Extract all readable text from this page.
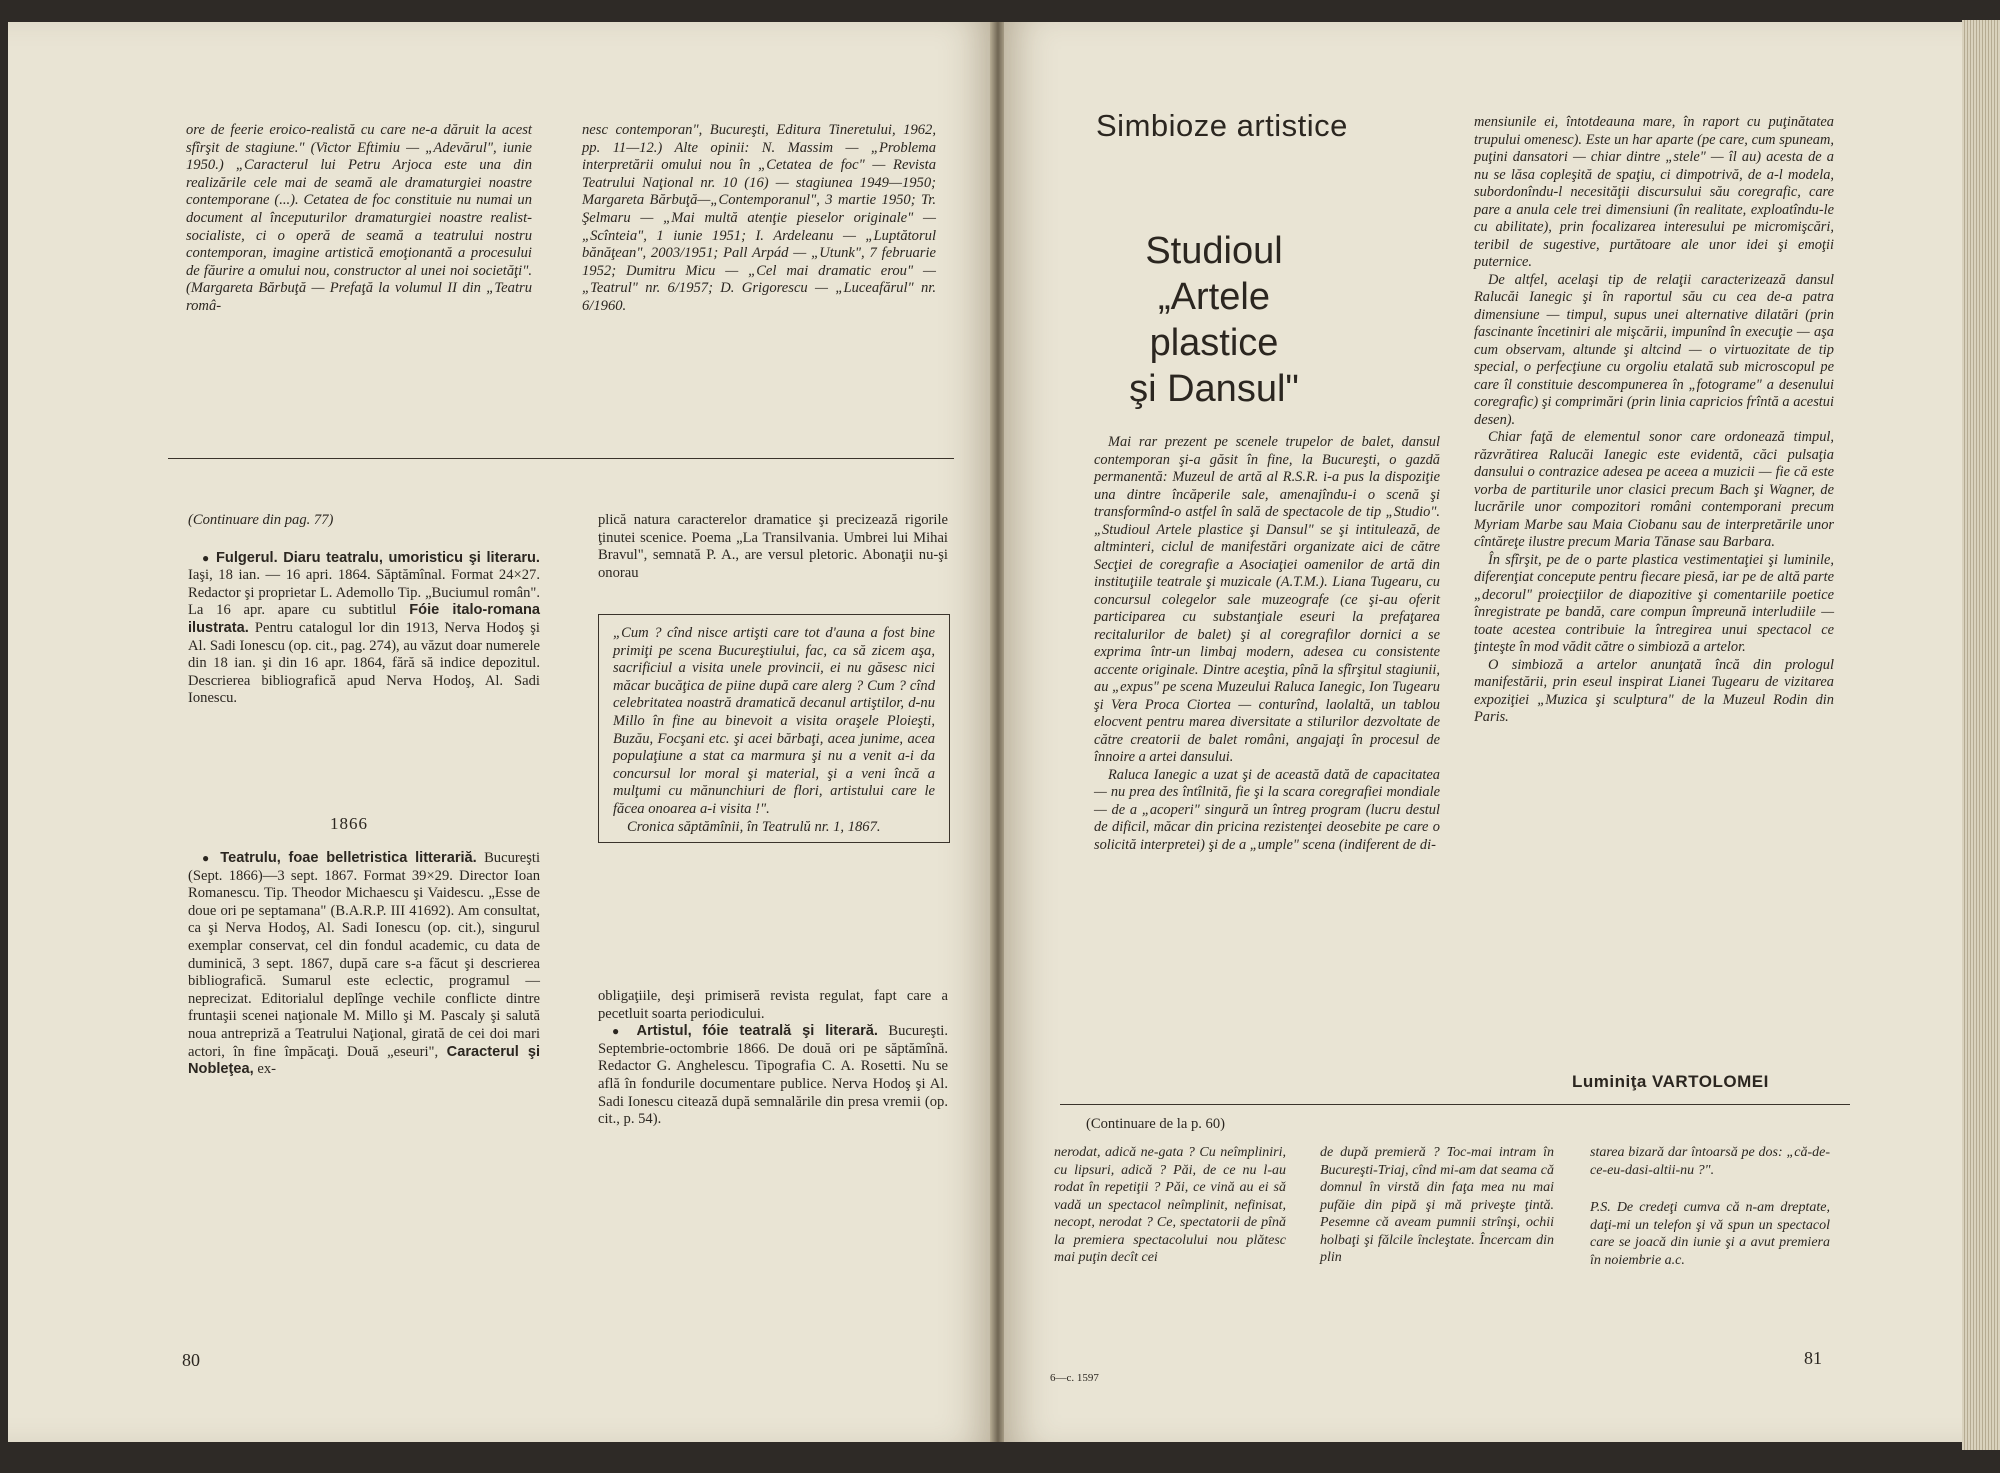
ore de feerie eroico-realistă cu care ne-a dăruit la acest sfîrşit de stagiune." (Victor Eftimiu — „Adevărul", iunie 1950.) „Caracterul lui Petru Arjoca este una din realizările cele mai de seamă ale dramaturgiei noastre contemporane (...). Cetatea de foc constituie nu numai un document al începuturilor dramaturgiei noastre realist-socialiste, ci o operă de seamă a teatrului nostru contemporan, imagine artistică emoţionantă a procesului de făurire a omului nou, constructor al unei noi societăţi". (Margareta Bărbuţă — Prefaţă la volumul II din „Teatru româ-

nesc contemporan", Bucureşti, Editura Tineretului, 1962, pp. 11—12.) Alte opinii: N. Massim — „Problema interpretării omului nou în „Cetatea de foc" — Revista Teatrului Naţional nr. 10 (16) — stagiunea 1949—1950; Margareta Bărbuţă—„Contemporanul", 3 martie 1950; Tr. Şelmaru — „Mai multă atenţie pieselor originale" — „Scînteia", 1 iunie 1951; I. Ardeleanu — „Luptătorul bănăţean", 2003/1951; Pall Arpád — „Utunk", 7 februarie 1952; Dumitru Micu — „Cel mai dramatic erou" — „Teatrul" nr. 6/1957; D. Grigorescu — „Luceafărul" nr. 6/1960.

(Continuare din pag. 77)

● Fulgerul. Diaru teatralu, umoristicu şi literaru. Iaşi, 18 ian. — 16 apri. 1864. Săptămînal. Format 24×27. Redactor şi proprietar L. Ademollo Tip. „Buciumul român". La 16 apr. apare cu subtitlul Fóie italo-romana ilustrata. Pentru catalogul lor din 1913, Nerva Hodoş şi Al. Sadi Ionescu (op. cit., pag. 274), au văzut doar numerele din 18 ian. şi din 16 apr. 1864, fără să indice depozitul. Descrierea bibliografică apud Nerva Hodoş, Al. Sadi Ionescu.

1866

● Teatrulu, foae belletristica litterariă. Bucureşti (Sept. 1866)—3 sept. 1867. Format 39×29. Director Ioan Romanescu. Tip. Theodor Michaescu şi Vaidescu. „Esse de doue ori pe septamana" (B.A.R.P. III 41692). Am consultat, ca şi Nerva Hodoş, Al. Sadi Ionescu (op. cit.), singurul exemplar conservat, cel din fondul academic, cu data de duminică, 3 sept. 1867, după care s-a făcut şi descrierea bibliografică. Sumarul este eclectic, programul — neprecizat. Editorialul deplînge vechile conflicte dintre fruntaşii scenei naţionale M. Millo şi M. Pascaly şi salută noua antrepriză a Teatrului Naţional, girată de cei doi mari actori, în fine împăcaţi. Două „eseuri", Caracterul şi Nobleţea, ex-

plică natura caracterelor dramatice şi precizează rigorile ţinutei scenice. Poema „La Transilvania. Umbrei lui Mihai Bravul", semnată P. A., are versul pletoric. Abonaţii nu-şi onorau

„Cum ? cînd nisce artişti care tot d'auna a fost bine primiţi pe scena Bucureştiului, fac, ca să zicem aşa, sacrificiul a visita unele provincii, ei nu găsesc nici măcar bucăţica de piine după care alerg ? Cum ? cînd celebritatea noastră dramatică decanul artiştilor, d-nu Millo în fine au binevoit a visita oraşele Ploieşti, Buzău, Focşani etc. şi acei bărbaţi, acea junime, acea populaţiune a stat ca marmura şi nu a venit a-i da concursul lor moral şi material, şi a veni încă a mulţumi cu mănunchiuri de flori, artistului care le făcea onoarea a-i visita !".

Cronica săptămînii, în Teatrulŭ nr. 1, 1867.

obligaţiile, deşi primiseră revista regulat, fapt care a pecetluit soarta periodicului.

● Artistul, fóie teatrală şi literară. Bucureşti. Septembrie-octombrie 1866. De două ori pe săptămînă. Redactor G. Anghelescu. Tipografia C. A. Rosetti. Nu se află în fondurile documentare publice. Nerva Hodoş şi Al. Sadi Ionescu citează după semnalările din presa vremii (op. cit., p. 54).

80
Simbioze artistice
Studioul
„Artele
plastice
şi Dansul"

Mai rar prezent pe scenele trupelor de balet, dansul contemporan şi-a găsit în fine, la Bucureşti, o gazdă permanentă: Muzeul de artă al R.S.R. i-a pus la dispoziţie una dintre încăperile sale, amenajîndu-i o scenă şi transformînd-o astfel în sală de spectacole de tip „Studio". „Studioul Artele plastice şi Dansul" se şi intitulează, de altminteri, ciclul de manifestări organizate aici de către Secţiei de coregrafie a Asociaţiei oamenilor de artă din instituţiile teatrale şi muzicale (A.T.M.). Liana Tugearu, cu concursul colegelor sale muzeografe (ce şi-au oferit participarea cu substanţiale eseuri la prefaţarea recitalurilor de balet) şi al coregrafilor dornici a se exprima într-un limbaj modern, adesea cu consistente accente originale. Dintre aceştia, pînă la sfîrşitul stagiunii, au „expus" pe scena Muzeului Raluca Ianegic, Ion Tugearu şi Vera Proca Ciortea — conturînd, laolaltă, un tablou elocvent pentru marea diversitate a stilurilor dezvoltate de către creatorii de balet români, angajaţi în procesul de înnoire a artei dansului.

Raluca Ianegic a uzat şi de această dată de capacitatea — nu prea des întîlnită, fie şi la scara coregrafiei mondiale — de a „acoperi" singură un întreg program (lucru destul de dificil, măcar din pricina rezistenţei deosebite pe care o solicită interpretei) şi de a „umple" scena (indiferent de di-

mensiunile ei, întotdeauna mare, în raport cu puţinătatea trupului omenesc). Este un har aparte (pe care, cum spuneam, puţini dansatori — chiar dintre „stele" — îl au) acesta de a nu se lăsa copleşită de spaţiu, ci dimpotrivă, de a-l modela, subordonîndu-l necesităţii discursului său coregrafic, care pare a anula cele trei dimensiuni (în realitate, exploatîndu-le cu abilitate), prin focalizarea interesului pe micromişcări, teribil de sugestive, purtătoare ale unor idei şi emoţii puternice.

De altfel, acelaşi tip de relaţii caracterizează dansul Ralucăi Ianegic şi în raportul său cu cea de-a patra dimensiune — timpul, supus unei alternative dilatări (prin fascinante încetiniri ale mişcării, impunînd în execuţie — aşa cum observam, altunde şi altcind — o virtuozitate de tip special, o perfecţiune cu orgoliu etalată sub microscopul pe care îl constituie descompunerea în „fotograme" a desenului coregrafic) şi comprimări (prin linia capricios frîntă a acestui desen).

Chiar faţă de elementul sonor care ordonează timpul, răzvrătirea Ralucăi Ianegic este evidentă, căci pulsaţia dansului o contrazice adesea pe aceea a muzicii — fie că este vorba de partiturile unor clasici precum Bach şi Wagner, de lucrările unor compozitori români contemporani precum Myriam Marbe sau Maia Ciobanu sau de interpretările unor cîntăreţe ilustre precum Maria Tănase sau Barbara.

În sfîrşit, pe de o parte plastica vestimentaţiei şi luminile, diferenţiat concepute pentru fiecare piesă, iar pe de altă parte „decorul" proiecţiilor de diapozitive şi comentariile poetice înregistrate pe bandă, care compun împreună interludiile — toate acestea contribuie la întregirea unui spectacol ce ţinteşte în mod vădit către o simbioză a artelor.

O simbioză a artelor anunţată încă din prologul manifestării, prin eseul inspirat Lianei Tugearu de vizitarea expoziţiei „Muzica şi sculptura" de la Muzeul Rodin din Paris.

Luminiţa VARTOLOMEI

(Continuare de la p. 60)

nerodat, adică ne-gata ? Cu neîmpliniri, cu lipsuri, adică ? Păi, de ce nu l-au rodat în repetiţii ? Păi, ce vină au ei să vadă un spectacol neîmplinit, nefinisat, necopt, nerodat ? Ce, spectatorii de pînă la premiera spectacolului nou plătesc mai puţin decît cei

de după premieră ? Toc-mai intram în Bucureşti-Triaj, cînd mi-am dat seama că domnul în virstă din faţa mea nu mai pufăie din pipă şi mă priveşte ţintă. Pesemne că aveam pumnii strînşi, ochii holbaţi şi fălcile încleştate. Încercam din plin

starea bizară dar întoarsă pe dos: „că-de-ce-eu-dasi-altii-nu ?".

P.S. De credeţi cumva că n-am dreptate, daţi-mi un telefon şi vă spun un spectacol care se joacă din iunie şi a avut premiera în noiembrie a.c.

6—c. 1597
81
